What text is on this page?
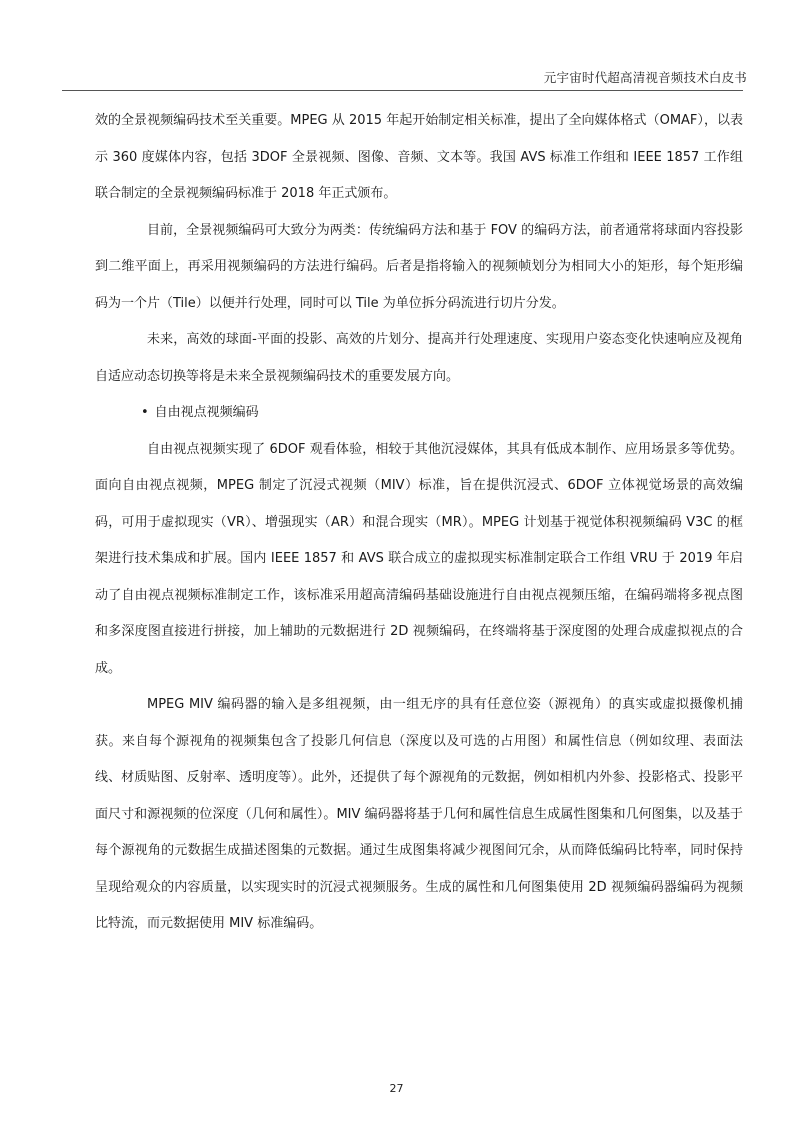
元宇宙时代超高清视音频技术白皮书

效的全景视频编码技术至关重要。MPEG 从 2015 年起开始制定相关标准，提出了全向媒体格式（OMAF），以表示 360 度媒体内容，包括 3DOF 全景视频、图像、音频、文本等。我国 AVS 标准工作组和 IEEE 1857 工作组联合制定的全景视频编码标准于 2018 年正式颁布。

目前，全景视频编码可大致分为两类：传统编码方法和基于 FOV 的编码方法，前者通常将球面内容投影到二维平面上，再采用视频编码的方法进行编码。后者是指将输入的视频帧划分为相同大小的矩形，每个矩形编码为一个片（Tile）以便并行处理，同时可以 Tile 为单位拆分码流进行切片分发。

未来，高效的球面-平面的投影、高效的片划分、提高并行处理速度、实现用户姿态变化快速响应及视角自适应动态切换等将是未来全景视频编码技术的重要发展方向。

• 自由视点视频编码

自由视点视频实现了 6DOF 观看体验，相较于其他沉浸媒体，其具有低成本制作、应用场景多等优势。面向自由视点视频，MPEG 制定了沉浸式视频（MIV）标准，旨在提供沉浸式、6DOF 立体视觉场景的高效编码，可用于虚拟现实（VR）、增强现实（AR）和混合现实（MR）。MPEG 计划基于视觉体积视频编码 V3C 的框架进行技术集成和扩展。国内 IEEE 1857 和 AVS 联合成立的虚拟现实标准制定联合工作组 VRU 于 2019 年启动了自由视点视频标准制定工作，该标准采用超高清编码基础设施进行自由视点视频压缩，在编码端将多视点图和多深度图直接进行拼接，加上辅助的元数据进行 2D 视频编码，在终端将基于深度图的处理合成虚拟视点的合成。

MPEG MIV 编码器的输入是多组视频，由一组无序的具有任意位姿（源视角）的真实或虚拟摄像机捕获。来自每个源视角的视频集包含了投影几何信息（深度以及可选的占用图）和属性信息（例如纹理、表面法线、材质贴图、反射率、透明度等）。此外，还提供了每个源视角的元数据，例如相机内外参、投影格式、投影平面尺寸和源视频的位深度（几何和属性）。MIV 编码器将基于几何和属性信息生成属性图集和几何图集，以及基于每个源视角的元数据生成描述图集的元数据。通过生成图集将减少视图间冗余，从而降低编码比特率，同时保持呈现给观众的内容质量，以实现实时的沉浸式视频服务。生成的属性和几何图集使用 2D 视频编码器编码为视频比特流，而元数据使用 MIV 标准编码。

27
